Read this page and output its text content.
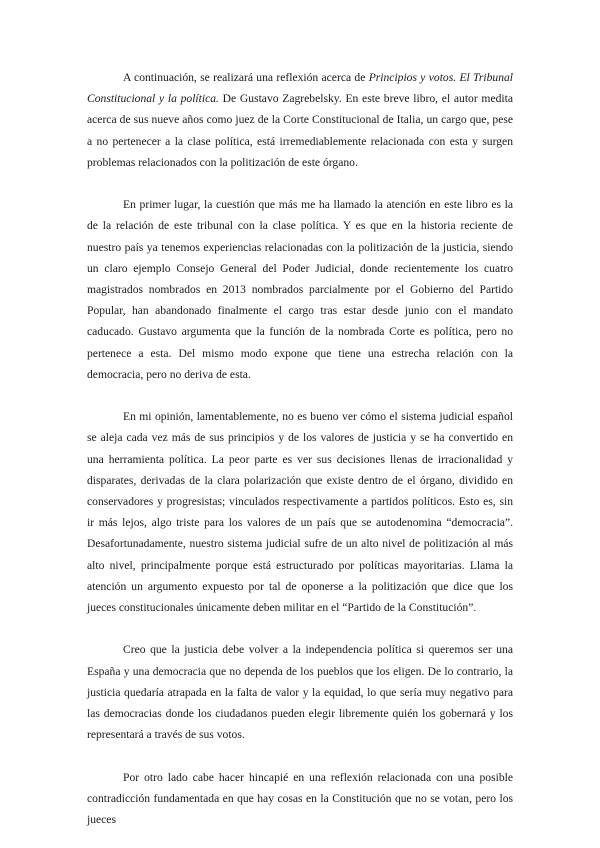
A continuación, se realizará una reflexión acerca de Principios y votos. El Tribunal Constitucional y la política. De Gustavo Zagrebelsky. En este breve libro, el autor medita acerca de sus nueve años como juez de la Corte Constitucional de Italia, un cargo que, pese a no pertenecer a la clase política, está irremediablemente relacionada con esta y surgen problemas relacionados con la politización de este órgano.

En primer lugar, la cuestión que más me ha llamado la atención en este libro es la de la relación de este tribunal con la clase política. Y es que en la historia reciente de nuestro país ya tenemos experiencias relacionadas con la politización de la justicia, siendo un claro ejemplo Consejo General del Poder Judicial, donde recientemente los cuatro magistrados nombrados en 2013 nombrados parcialmente por el Gobierno del Partido Popular, han abandonado finalmente el cargo tras estar desde junio con el mandato caducado. Gustavo argumenta que la función de la nombrada Corte es política, pero no pertenece a esta. Del mismo modo expone que tiene una estrecha relación con la democracia, pero no deriva de esta.

En mi opinión, lamentablemente, no es bueno ver cómo el sistema judicial español se aleja cada vez más de sus principios y de los valores de justicia y se ha convertido en una herramienta política. La peor parte es ver sus decisiones llenas de irracionalidad y disparates, derivadas de la clara polarización que existe dentro de el órgano, dividido en conservadores y progresistas; vinculados respectivamente a partidos políticos. Esto es, sin ir más lejos, algo triste para los valores de un país que se autodenomina “democracia”. Desafortunadamente, nuestro sistema judicial sufre de un alto nivel de politización al más alto nivel, principalmente porque está estructurado por políticas mayoritarias. Llama la atención un argumento expuesto por tal de oponerse a la politización que dice que los jueces constitucionales únicamente deben militar en el “Partido de la Constitución”.

Creo que la justicia debe volver a la independencia política si queremos ser una España y una democracia que no dependa de los pueblos que los eligen. De lo contrario, la justicia quedaría atrapada en la falta de valor y la equidad, lo que sería muy negativo para las democracias donde los ciudadanos pueden elegir libremente quién los gobernará y los representará a través de sus votos.

Por otro lado cabe hacer hincapié en una reflexión relacionada con una posible contradicción fundamentada en que hay cosas en la Constitución que no se votan, pero los jueces
